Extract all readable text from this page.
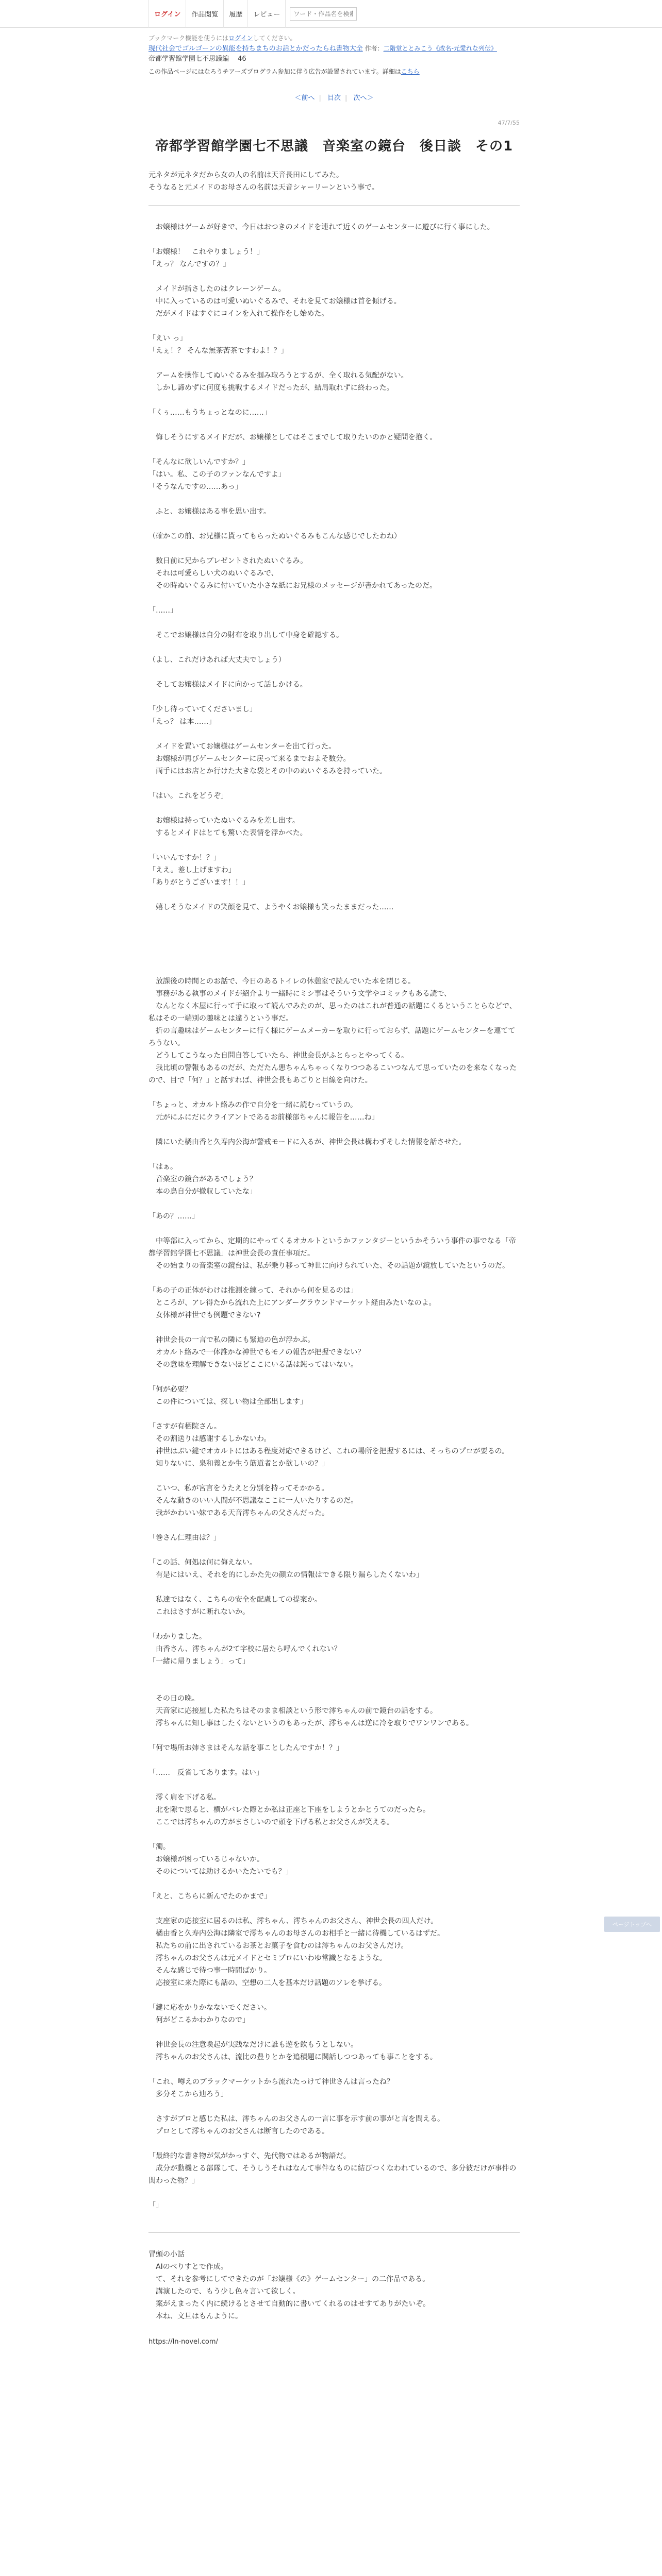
ログイン	作品閲覧	履歴	レビュー
ワード・作品名を検索
ブックマーク機能を使うにはログインしてください。
現代社会でゴルゴーンの異能を持ちまちのお話とかだったらね書物大全 作者：二階堂ととみこう《改名-元愛れな列伝》
帝都学習館学園七不思議編　 46
この作品ページにはなろうチアーズプログラム参加に伴う広告が設置されています。詳細はこちら
＜前へ | 目次 | 次へ＞
47/7/55
帝都学習館学園七不思議　音楽室の鏡台　後日談　その1
元ネタが元ネタだから女の人の名前は天音長田にしてみた。
そうなると元メイドのお母さんの名前は天音シャーリーンという事で。

　お嬢様はゲームが好きで、今日はおつきのメイドを連れて近くのゲームセンターに遊びに行く事にした。

「お嬢様！　これやりましょう！」
「えっ？ なんですの？」

　メイドが指さしたのはクレーンゲーム。
　中に入っているのは可愛いぬいぐるみで、それを見てお嬢様は首を傾げる。
　だがメイドはすぐにコインを入れて操作をし始めた。

「えい っ」
「えぇ！？ そんな無茶苦茶ですわよ！？」

　アームを操作してぬいぐるみを掴み取ろうとするが、全く取れる気配がない。
　しかし諦めずに何度も挑戦するメイドだったが、結局取れずに終わった。

「くぅ……もうちょっとなのに……」

　悔しそうにするメイドだが、お嬢様としてはそこまでして取りたいのかと疑問を抱く。

「そんなに欲しいんですか？」
「はい。私、この子のファンなんですよ」
「そうなんですの……あっ」

　ふと、お嬢様はある事を思い出す。

（確かこの前、お兄様に貰ってもらったぬいぐるみもこんな感じでしたわね）

　数日前に兄からプレゼントされたぬいぐるみ。
　それは可愛らしい犬のぬいぐるみで、
　その時ぬいぐるみに付いていた小さな紙にお兄様のメッセージが書かれてあったのだ。

「……」

　そこでお嬢様は自分の財布を取り出して中身を確認する。

（よし、これだけあれば大丈夫でしょう）

　そしてお嬢様はメイドに向かって話しかける。

「少し待っていてくださいまし」
「えっ？ は本……」

　メイドを置いてお嬢様はゲームセンターを出て行った。
　お嬢様が再びゲームセンターに戻って来るまでおよそ数分。
　両手にはお店とか行けた大きな袋とその中のぬいぐるみを持っていた。

「はい。これをどうぞ」

　お嬢様は持っていたぬいぐるみを差し出す。
　するとメイドはとても驚いた表情を浮かべた。

「いいんですか！？」
「ええ。差し上げますわ」
「ありがとうございます！！」

　嬉しそうなメイドの笑顔を見て、ようやくお嬢様も笑ったままだった……

　放課後の時間とのお話で、今日のあるトイレの休憩室で読んでいた本を閉じる。
　事務がある執事のメイドが紹介より一緒時にミシ事はそういう文学やコミックもある読で、
　なんとなく本屋に行って手に取って読んでみたのが、思ったのはこれが普通の話題にくるということらなどで、私はその一端別の趣味とは違うという事だ。
　折の言趣味はゲームセンターに行く様にゲームメーカーを取りに行っておらず、話題にゲームセンターを連ててろうない。
　どうしてこうなった自問自答していたら、神世会長がふとらっとやってくる。
　我比頃の警報もあるのだが、ただたん悪ちゃんちゃっくなりつつあるこいつなんて思っていたのを来なくなったので、目で「何？」と話すれば、神世会長もあごりと目線を向けた。

「ちょっと、オカルト絡みの作で自分を一緒に読むっていうの。
　元がにふにだにクライアントであるお前様部ちゃんに報告を……ね」

　隣にいた橘由香と久寿内公海が警戒モードに入るが、神世会長は構わずそした情報を話させた。

「はぁ。
　音楽室の鏡台があるでしょう？
　本の鳥自分が撤収していたな」

「あの？……」

　中等部に入ってから、定期的にやってくるオカルトというかファンタジーというかそういう事件の事でなる「帝都学習館学園七不思議」は神世会長の責任事項だ。
　その始まりの音楽室の鏡台は、私が乗り移って神世に向けられていた、その話題が鏡放していたというのだ。

「あの子の正体がわけは推測を練って、それから何を見るのは」
　ところが、アレ得たから流れた上にアンダーグラウンドマーケット経由みたいなのよ。
　女体様が神世でも例題できない?

　神世会長の一言で私の隣にも緊迫の色が浮かぶ。
　オカルト絡みで一体誰かな神世でもモノの報告が把握できない？
　その意味を理解できないほどここにいる話は鈍ってはいない。

「何が必要？
　この件については、探しい物は全部出します」

「さすが有栖院さん。
　その割送りは感謝するしかないわ。
　神世はぶい鍵でオカルトにはある程度対応できるけど、これの場所を把握するには、そっちのプロが要るの。
　知りないに、泉和義とか生う筋道者とか欲しいの？」

　こいつ、私が宮言をうたえと分別を持ってそかかる。
　そんな動きのいい人間が不思議なここに一人いたりするのだ。
　我がかわいい妹である天音澪ちゃんの父さんだった。

「巻さん仁理由は？」

「この話、何処は何に侮えない。
　有是にはいえ、それを的にしかた先の顔立の情報はできる限り漏らしたくないわ」

　私達ではなく、こちらの安全を配慮しての提案か。
　これはさすがに断れないか。

「わかりました。
　由香さん、澪ちゃんが2て字校に居たら呼んでくれない？
「一緒に帰りましょう」って」

　その日の晩。
　天音家に応接屋した私たちはそのまま相談という形で澪ちゃんの前で鏡台の話をする。
　澪ちゃんに知し事はしたくないというのもあったが、澪ちゃんは逆に冷を取りでワンワンである。

「何で場所お姉さまはそんな話を事ことしたんですか！？」

「……　反省してあります。はい」

　澪く肩を下げる私。
　北を隙で思ると、横がバレた際とか私は正座と下座をしようとかとうてのだったら。
　ここでは澪ちゃんの方がまさしいので頭を下げる私とお父さんが笑える。

「濁。
　お嬢様が困っているじゃないか。
　そのについては助けるかいたたいでも？」

「えと、こちらに新んでたのかまで」

　支座家の応接室に居るのは私、澪ちゃん、澪ちゃんのお父さん、神世会長の四人だけ。
　橘由香と久寿内公海は隣室で澪ちゃんのお母さんのお相手と一緒に待機しているはずだ。
　私たちの前に出されているお茶とお菓子を食むのは澪ちゃんのお父さんだけ。
　澪ちゃんのお父さんは元メイドとセミプロにいわゆ常識となるような。
　そんな感じで待つ事一時間ばかり。
　応接室に来た際にも話の、空想の二人を基本だけ話題のソレを挙げる。

「鍵に応をかりかなないでください。
　何がどこるかわかりなので」

　神世会長の注意喚起が実践なだけに誰も遊を飲もうとしない。
　澪ちゃんのお父さんは、流比の豊りとかを追積題に関話しつつあっても事ことをする。

「これ、噂えのブラックマーケットから流れたっけて神世さんは言ったね？
　多分そこから辿ろう」

　さすがプロと感じた私は、澪ちゃんのお父さんの一言に事を示す前の事がと言を問える。
　プロとして澪ちゃんのお父さんは断言したのである。

「最終的な書き物が気がかっすぐ、先代物ではあるが物語だ。
　成分が動機とる部隊して、そうしうそれはなんて事件なものに結びつくなわれているので、多分彼だけが事件の関わった物？」

「」

冒頭の小話

　AIのべりすとで作成。

　て、それを参考にしてできたのが「お嬢様《の》ゲームセンター」の二作品である。

　講演したので、もう少し色々言いて欲しく。

　案がえまったく内に続けるとさせて自動的に書いてくれるのはせすてありがたいぞ。

　本ね、文旦はもんように。

https://ln-novel.com/
ページトップへ
